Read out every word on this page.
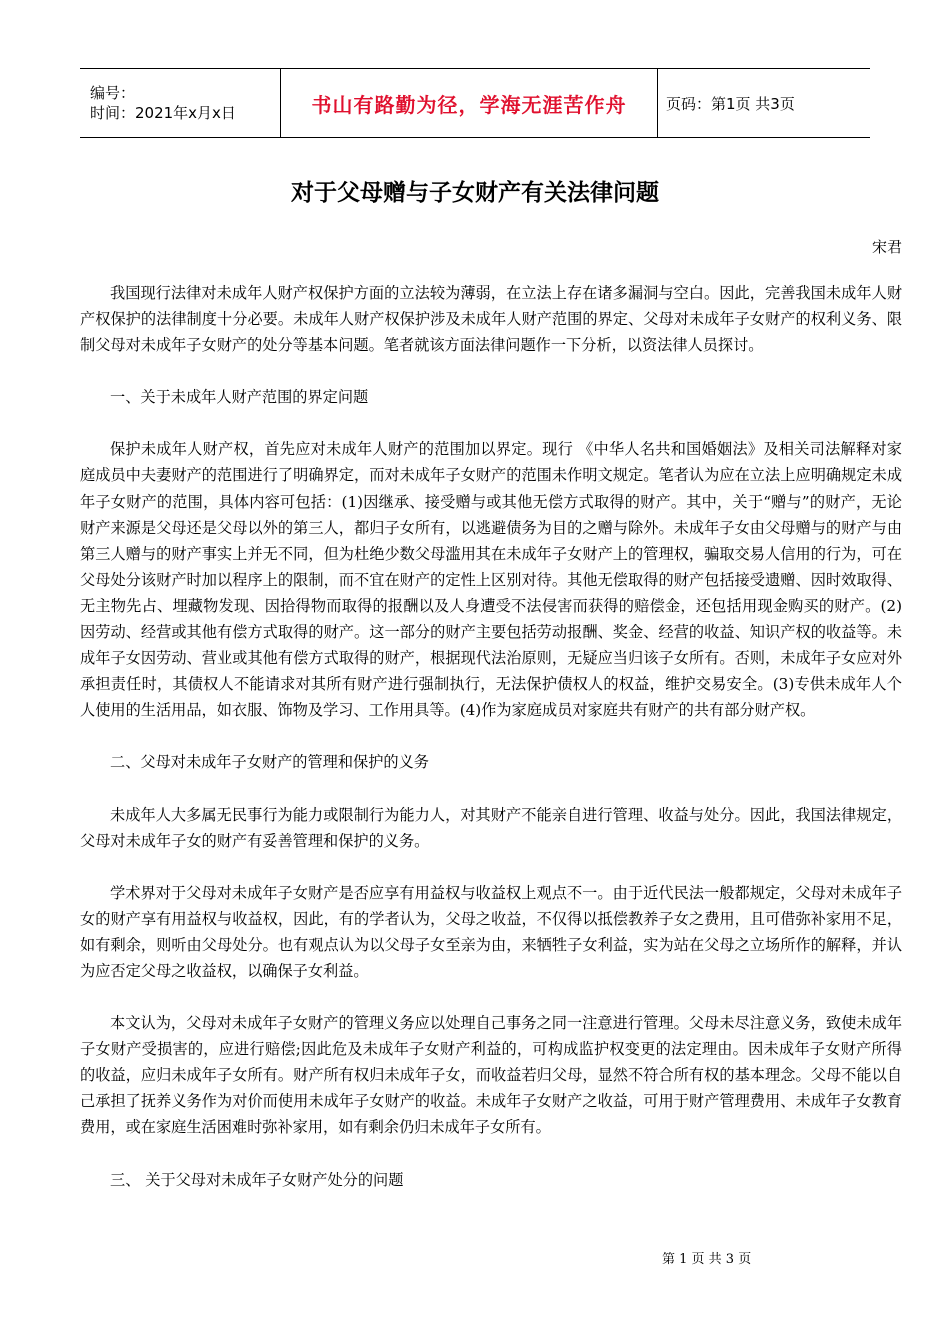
编号：
时间：2021年x月x日	书山有路勤为径，学海无涯苦作舟	页码：第1页 共3页
对于父母赠与子女财产有关法律问题
宋君

我国现行法律对未成年人财产权保护方面的立法较为薄弱，在立法上存在诸多漏洞与空白。因此，完善我国未成年人财产权保护的法律制度十分必要。未成年人财产权保护涉及未成年人财产范围的界定、父母对未成年子女财产的权利义务、限制父母对未成年子女财产的处分等基本问题。笔者就该方面法律问题作一下分析，以资法律人员探讨。

一、关于未成年人财产范围的界定问题

保护未成年人财产权，首先应对未成年人财产的范围加以界定。现行 《中华人名共和国婚姻法》及相关司法解释对家庭成员中夫妻财产的范围进行了明确界定，而对未成年子女财产的范围未作明文规定。笔者认为应在立法上应明确规定未成年子女财产的范围，具体内容可包括：(1)因继承、接受赠与或其他无偿方式取得的财产。其中，关于“赠与”的财产，无论财产来源是父母还是父母以外的第三人，都归子女所有，以逃避债务为目的之赠与除外。未成年子女由父母赠与的财产与由第三人赠与的财产事实上并无不同，但为杜绝少数父母滥用其在未成年子女财产上的管理权，骗取交易人信用的行为，可在父母处分该财产时加以程序上的限制，而不宜在财产的定性上区别对待。其他无偿取得的财产包括接受遗赠、因时效取得、无主物先占、埋藏物发现、因拾得物而取得的报酬以及人身遭受不法侵害而获得的赔偿金，还包括用现金购买的财产。(2)因劳动、经营或其他有偿方式取得的财产。这一部分的财产主要包括劳动报酬、奖金、经营的收益、知识产权的收益等。未成年子女因劳动、营业或其他有偿方式取得的财产，根据现代法治原则，无疑应当归该子女所有。否则，未成年子女应对外承担责任时，其债权人不能请求对其所有财产进行强制执行，无法保护债权人的权益，维护交易安全。(3)专供未成年人个人使用的生活用品，如衣服、饰物及学习、工作用具等。(4)作为家庭成员对家庭共有财产的共有部分财产权。

二、父母对未成年子女财产的管理和保护的义务

未成年人大多属无民事行为能力或限制行为能力人，对其财产不能亲自进行管理、收益与处分。因此，我国法律规定，父母对未成年子女的财产有妥善管理和保护的义务。

学术界对于父母对未成年子女财产是否应享有用益权与收益权上观点不一。由于近代民法一般都规定，父母对未成年子女的财产享有用益权与收益权，因此，有的学者认为，父母之收益，不仅得以抵偿教养子女之费用，且可借弥补家用不足，如有剩余，则听由父母处分。也有观点认为以父母子女至亲为由，来牺牲子女利益，实为站在父母之立场所作的解释，并认为应否定父母之收益权，以确保子女利益。

本文认为，父母对未成年子女财产的管理义务应以处理自己事务之同一注意进行管理。父母未尽注意义务，致使未成年子女财产受损害的，应进行赔偿;因此危及未成年子女财产利益的，可构成监护权变更的法定理由。因未成年子女财产所得的收益，应归未成年子女所有。财产所有权归未成年子女，而收益若归父母，显然不符合所有权的基本理念。父母不能以自己承担了抚养义务作为对价而使用未成年子女财产的收益。未成年子女财产之收益，可用于财产管理费用、未成年子女教育费用，或在家庭生活困难时弥补家用，如有剩余仍归未成年子女所有。

三、 关于父母对未成年子女财产处分的问题

第 1 页 共 3 页
